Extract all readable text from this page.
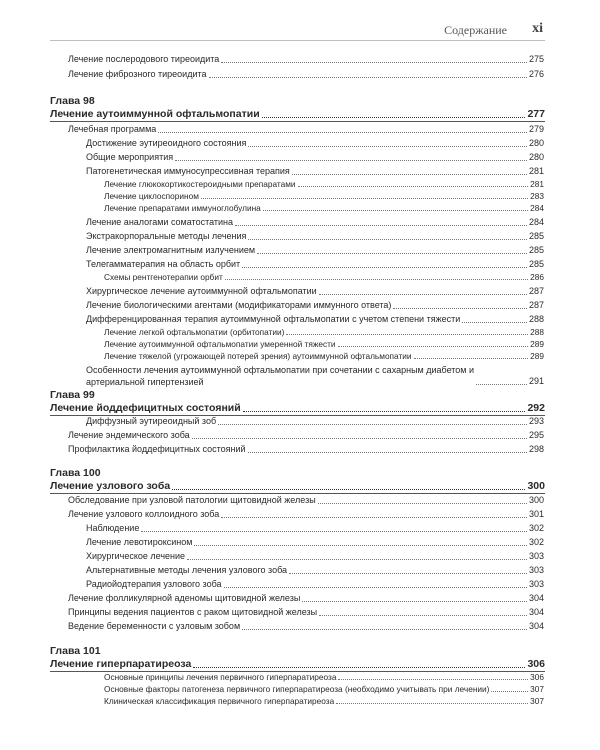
Содержание xi
Лечение послеродового тиреоидита	275
Лечение фиброзного тиреоидита	276
Глава 98
Лечение аутоиммунной офтальмопатии	277
Лечебная программа	279
Достижение эутиреоидного состояния	280
Общие мероприятия	280
Патогенетическая иммуносупрессивная терапия	281
Лечение глюкокортикостероидными препаратами	281
Лечение циклоспорином	283
Лечение препаратами иммуноглобулина	284
Лечение аналогами соматостатина	284
Экстракорпоральные методы лечения	285
Лечение электромагнитным излучением	285
Телегамматерапия на область орбит	285
Схемы рентгенотерапии орбит	286
Хирургическое лечение аутоиммунной офтальмопатии	287
Лечение биологическими агентами (модификаторами иммунного ответа)	287
Дифференцированная терапия аутоиммунной офтальмопатии с учетом степени тяжести	288
Лечение легкой офтальмопатии (орбитопатии)	288
Лечение аутоиммунной офтальмопатии умеренной тяжести	289
Лечение тяжелой (угрожающей потерей зрения) аутоиммунной офтальмопатии	289
Особенности лечения аутоиммунной офтальмопатии при сочетании с сахарным диабетом и
артериальной гипертензией	291
Глава 99
Лечение йоддефицитных состояний	292
Диффузный эутиреоидный зоб	293
Лечение эндемического зоба	295
Профилактика йоддефицитных состояний	298
Глава 100
Лечение узлового зоба	300
Обследование при узловой патологии щитовидной железы	300
Лечение узлового коллоидного зоба	301
Наблюдение	302
Лечение левотироксином	302
Хирургическое лечение	303
Альтернативные методы лечения узлового зоба	303
Радиойодтерапия узлового зоба	303
Лечение фолликулярной аденомы щитовидной железы	304
Принципы ведения пациентов с раком щитовидной железы	304
Ведение беременности с узловым зобом	304
Глава 101
Лечение гиперпаратиреоза	306
Основные принципы лечения первичного гиперпаратиреоза	306
Основные факторы патогенеза первичного гиперпаратиреоза (необходимо учитывать при лечении)	307
Клиническая классификация первичного гиперпаратиреоза	307
